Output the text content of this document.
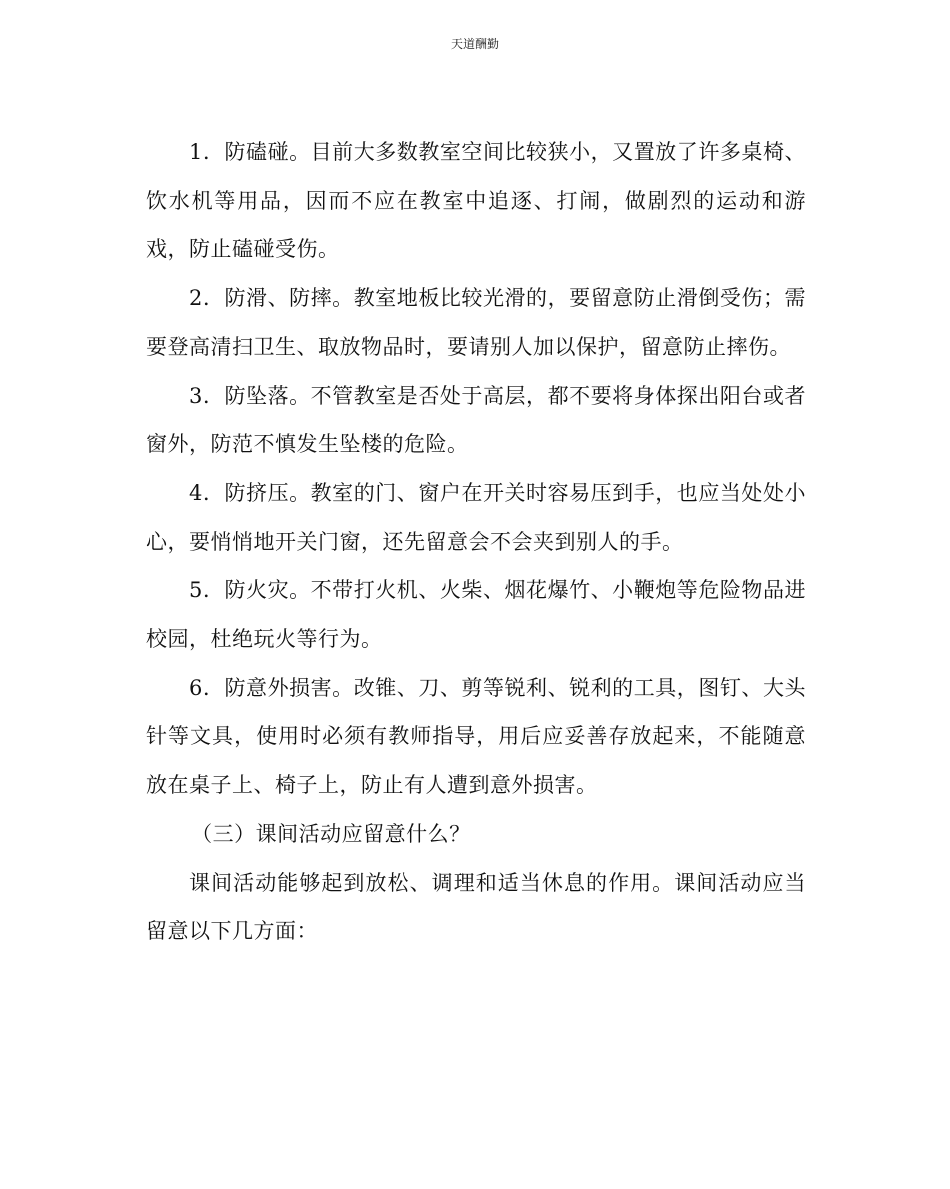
天道酬勤

1．防磕碰。目前大多数教室空间比较狭小，又置放了许多桌椅、饮水机等用品，因而不应在教室中追逐、打闹，做剧烈的运动和游戏，防止磕碰受伤。

2．防滑、防摔。教室地板比较光滑的，要留意防止滑倒受伤；需要登高清扫卫生、取放物品时，要请别人加以保护，留意防止摔伤。

3．防坠落。不管教室是否处于高层，都不要将身体探出阳台或者窗外，防范不慎发生坠楼的危险。

4．防挤压。教室的门、窗户在开关时容易压到手，也应当处处小心，要悄悄地开关门窗，还先留意会不会夹到别人的手。

5．防火灾。不带打火机、火柴、烟花爆竹、小鞭炮等危险物品进校园，杜绝玩火等行为。

6．防意外损害。改锥、刀、剪等锐利、锐利的工具，图钉、大头针等文具，使用时必须有教师指导，用后应妥善存放起来，不能随意放在桌子上、椅子上，防止有人遭到意外损害。

（三）课间活动应留意什么？

课间活动能够起到放松、调理和适当休息的作用。课间活动应当留意以下几方面：
